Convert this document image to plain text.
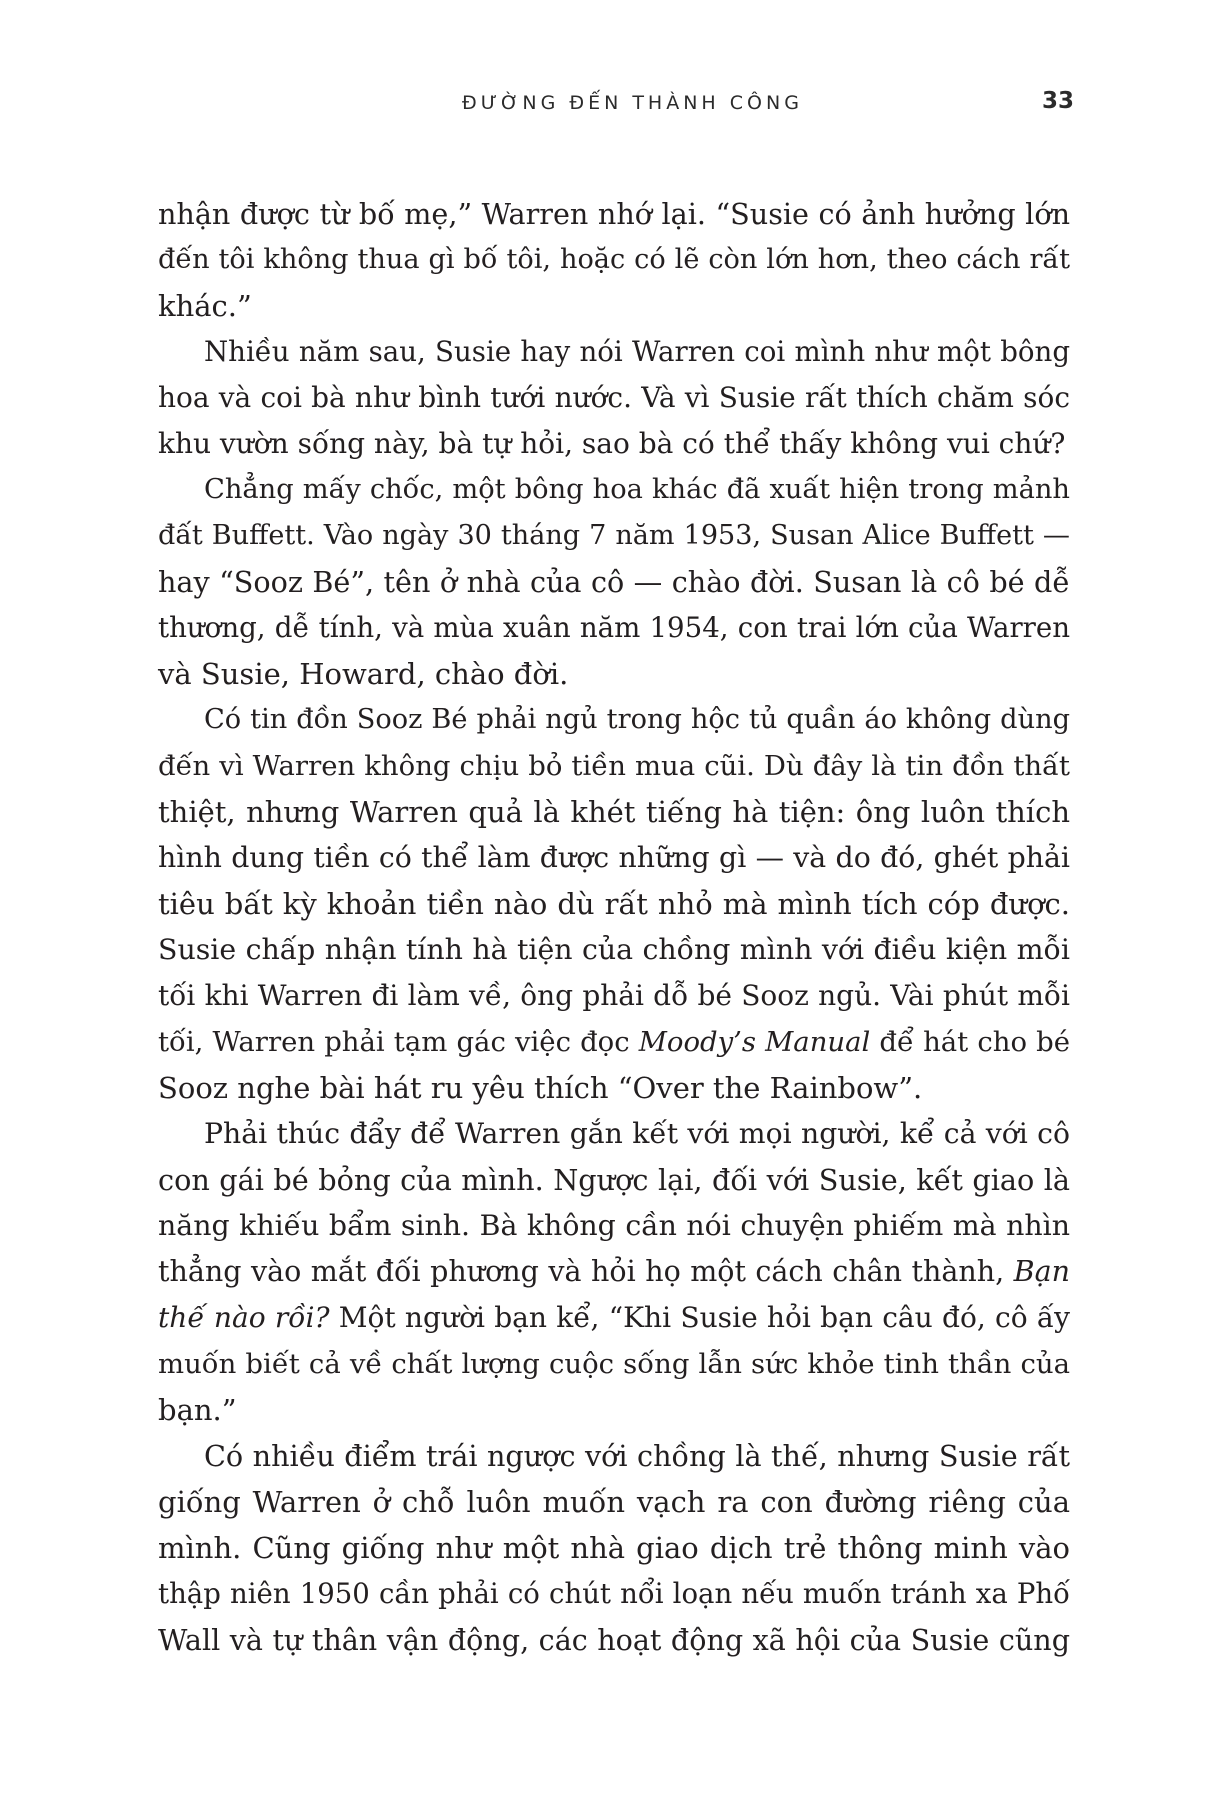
ĐƯỜNG ĐẾN THÀNH CÔNG	33
nhận được từ bố mẹ,” Warren nhớ lại. “Susie có ảnh hưởng lớn
đến tôi không thua gì bố tôi, hoặc có lẽ còn lớn hơn, theo cách rất
khác.”
Nhiều năm sau, Susie hay nói Warren coi mình như một bông
hoa và coi bà như bình tưới nước. Và vì Susie rất thích chăm sóc
khu vườn sống này, bà tự hỏi, sao bà có thể thấy không vui chứ?
Chẳng mấy chốc, một bông hoa khác đã xuất hiện trong mảnh
đất Buffett. Vào ngày 30 tháng 7 năm 1953, Susan Alice Buffett —
hay “Sooz Bé”, tên ở nhà của cô — chào đời. Susan là cô bé dễ
thương, dễ tính, và mùa xuân năm 1954, con trai lớn của Warren
và Susie, Howard, chào đời.
Có tin đồn Sooz Bé phải ngủ trong hộc tủ quần áo không dùng
đến vì Warren không chịu bỏ tiền mua cũi. Dù đây là tin đồn thất
thiệt, nhưng Warren quả là khét tiếng hà tiện: ông luôn thích
hình dung tiền có thể làm được những gì — và do đó, ghét phải
tiêu bất kỳ khoản tiền nào dù rất nhỏ mà mình tích cóp được.
Susie chấp nhận tính hà tiện của chồng mình với điều kiện mỗi
tối khi Warren đi làm về, ông phải dỗ bé Sooz ngủ. Vài phút mỗi
tối, Warren phải tạm gác việc đọc Moody’s Manual để hát cho bé
Sooz nghe bài hát ru yêu thích “Over the Rainbow”.
Phải thúc đẩy để Warren gắn kết với mọi người, kể cả với cô
con gái bé bỏng của mình. Ngược lại, đối với Susie, kết giao là
năng khiếu bẩm sinh. Bà không cần nói chuyện phiếm mà nhìn
thẳng vào mắt đối phương và hỏi họ một cách chân thành, Bạn
thế nào rồi? Một người bạn kể, “Khi Susie hỏi bạn câu đó, cô ấy
muốn biết cả về chất lượng cuộc sống lẫn sức khỏe tinh thần của
bạn.”
Có nhiều điểm trái ngược với chồng là thế, nhưng Susie rất
giống Warren ở chỗ luôn muốn vạch ra con đường riêng của
mình. Cũng giống như một nhà giao dịch trẻ thông minh vào
thập niên 1950 cần phải có chút nổi loạn nếu muốn tránh xa Phố
Wall và tự thân vận động, các hoạt động xã hội của Susie cũng
